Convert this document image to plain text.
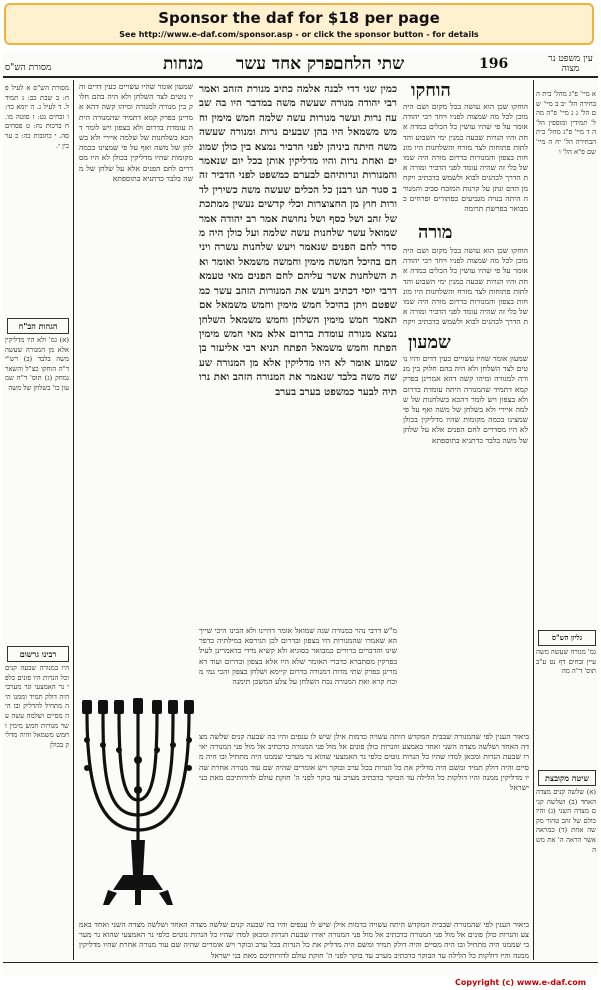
Sponsor the daf for $18 per page
See http://www.e-daf.com/sponsor.asp - or click the sponsor button - for details
מנחות פרק אחד עשר שתי הלחם	196
מסורת הש"ס
עין משפט נר מצוה
הוחקו
מורה
שמעון
א מיי' פ"ג מהל' בית הבחירה הל' יב ב מיי' שם הל' ג ג מיי' פ"ה מהל' תמידין ומוספין הל' ה ד מיי' פ"ג מהל' בית הבחירה הל' יח ה מיי' שם פ"א הל' ו
הוחקו שכן הוא עושה בכל מקום ושם היה מוכן לכל מה שמצוה לפניו ויחד רבי יהודה אומר על פי שהיו עושין כל הכלים במדה אחת והיו הנרות שבעה כמנין ימי השבוע והדלתות פתוחות לצד מזרח והשלחנות היו מונחות בצפון והמנורות בדרום מורה היה שמו של כלי זה שהיה עומד לפני הדביר ומורה את הדרך לכהנים לבוא ולשמש כדכתיב ויקח מן הדם ונתן על קרנות המזבח סביב והמנורה היתה בנויה מגביעים כפתורים ופרחים כמבואר בפרשת תרומה
הוחקו שכן הוא עושה בכל מקום ושם היה מוכן לכל מה שמצוה לפניו ויחד רבי יהודה אומר על פי שהיו עושין כל הכלים במדה אחת והיו הנרות שבעה כמנין ימי השבוע והדלתות פתוחות לצד מזרח והשלחנות היו מונחות בצפון והמנורות בדרום מורה היה שמו של כלי זה שהיה עומד לפני הדביר ומורה את הדרך לכהנים לבוא ולשמש כדכתיב ויקח
שמעון אומר שהיו עשויים כעין דדים והיו נוטים לצד השלחן ולא היה בהם חלוק בין מנורה למנורה ומיהו קשה דהא אמרינן בפרק קמא דתמיד שהמנורה היתה עומדת בדרום ולא בצפון ויש לומר דהכא בשלחנות של שלמה איירי ולא בשלחן של משה ואף על פי שמצינו בכמה מקומות שהיו מדליקין בכולן לא היו מסדרים לחם הפנים אלא על שלחן של משה בלבד כדתניא בתוספתא
כמין שני דדי לבנה אלמה כתיב מנורת הזהב ואמר רבי יהודה מנורה שעשה משה במדבר היו בה שבעה נרות ועשר מנורות עשה שלמה חמש מימין וחמש משמאל היו בהן שבעים נרות ומנורה שעשה משה היתה ביניהן לפני הדביר נמצא בין כולן שמונים ואחת נרות והיו מדליקין אותן בכל יום שנאמר והמנורות ונרותיהם לבערם כמשפט לפני הדביר זהב סגור תנו רבנן כל הכלים שעשה משה כשירין לדורות חוץ מן החצוצרות וכלי קדשים נעשין ממתכת של זהב ושל כסף ושל נחושת אמר רב יהודה אמר שמואל עשר שלחנות עשה שלמה ועל כולן היה מסדר לחם הפנים שנאמר ויעש שלחנות עשרה ויניחם בהיכל חמשה מימין וחמשה משמאל ואומר ואת השלחנות אשר עליהם לחם הפנים מאי טעמא דרבי יוסי דכתיב ויעש את המנורות הזהב עשר כמשפטם ויתן בהיכל חמש מימין וחמש משמאל אם תאמר חמש מימין השלחן וחמש משמאל השלחן נמצא מנורה עומדת בדרום אלא מאי חמש מימין הפתח וחמש משמאל הפתח תניא רבי אליעזר בן שמוע אומר לא היו מדליקין אלא מן המנורה שעשה משה בלבד שנאמר את המנורה הזהב ואת נרותיה לבער כמשפט בערב בערב
שמעון אומר שהיו עשויים כעין דדים והיו נוטים לצד השלחן ולא היה בהם חלוק בין מנורה למנורה ומיהו קשה דהא אמרינן בפרק קמא דתמיד שהמנורה היתה עומדת בדרום ולא בצפון ויש לומר דהכא בשלחנות של שלמה איירי ולא בשלחן של משה ואף על פי שמצינו בכמה מקומות שהיו מדליקין בכולן לא היו מסדרים לחם הפנים אלא על שלחן של משה בלבד כדתניא בתוספתא
מ"ש דרבי נהר כמנורה שנה שמואל אומר דהיינו ולא הבינו היכי שייך הא שאמרו שהמנורות היו בצפון ובדרום לכן הגירסא במילתיה כדפרשינו והדברים ברורים כמבואר בסוגיא ולא קשיא מידי כדאמרינן לעיל בפרקין מסתברא כדברי האומר שלא היו אלא בצפון ובדרום ועוד דאמרינן בפרק שתי מדות דמנורה בדרום קיימא ושלחן בצפון והכי נמי מוכח קרא ואת המנורה נכח השלחן על צלע המשכן תימנה
מסורת הש"ס א לעיל פח: ב שבת כב: ג תמיד ל. ד לעיל נ. ה יומא כד: ו זבחים נט: ז סוטה מו. ח ברכות נח: ט פסחים סה. י כתובות כה: כ ערכין י.
הגהות הב"ח
(א) גמ' ולא היו מדליקין אלא מן המנורה שעשה משה בלבד (ב) רש"י ד"ה הוחקו כצ"ל והשאר נמחק (ג) תוס' ד"ה שמעון כו' בשלחן של משה
רבינו גרשום
היו במנורה שבעה קנים וכל הנרות היו פונים כלפי נר האמצעי ונר מערבי היה דולק תמיד וממנו היה מתחיל להדליק ובו היה מסיים ושלמה עשה עשר מנורות חמש מימין וחמש משמאל והיה מדליק בכולן
גליון הש"ס
גמ' מנורה שעשה משה עיין זבחים דף נט ע"ב תוס' ד"ה מה
שיטה מקובצת
(א) שלשה קנים מצדה האחד (ב) ושלשה קנים מצדה השני (ג) והיו כולם של זהב טהור מקשה אחת (ד) כמראה אשר הראה ה' את משה
ביאור הענין לפי שהמנורה שבבית המקדש היתה עשויה כדמות אילן שיש לו ענפים והיו בה שבעה קנים שלשה מצדה האחד ושלשה מצדה השני ואחד באמצע והנרות כולן פונים אל מול פני המנורה כדכתיב אל מול פני המנורה יאירו שבעת הנרות ומכאן למדו שהיו כל הנרות נוטים כלפי נר האמצעי שהוא נר מערבי שממנו היה מתחיל ובו היה מסיים והיה דולק תמיד ומשם היה מדליק את כל הנרות בכל ערב ובוקר ויש אומרים שהיה שם עוד מנורה אחרת שהיו מדליקין ממנה והיו דולקות כל הלילה עד הבוקר כדכתיב מערב עד בוקר לפני ה' חוקת עולם לדורותיכם מאת בני ישראל
ביאור הענין לפי שהמנורה שבבית המקדש היתה עשויה כדמות אילן שיש לו ענפים והיו בה שבעה קנים שלשה מצדה האחד ושלשה מצדה השני ואחד באמצע והנרות כולן פונים אל מול פני המנורה כדכתיב אל מול פני המנורה יאירו שבעת הנרות ומכאן למדו שהיו כל הנרות נוטים כלפי נר האמצעי שהוא נר מערבי שממנו היה מתחיל ובו היה מסיים והיה דולק תמיד ומשם היה מדליק את כל הנרות בכל ערב ובוקר ויש אומרים שהיה שם עוד מנורה אחרת שהיו מדליקין ממנה והיו דולקות כל הלילה עד הבוקר כדכתיב מערב עד בוקר לפני ה' חוקת עולם לדורותיכם מאת בני ישראל
Copyright (c) www.e-daf.com
